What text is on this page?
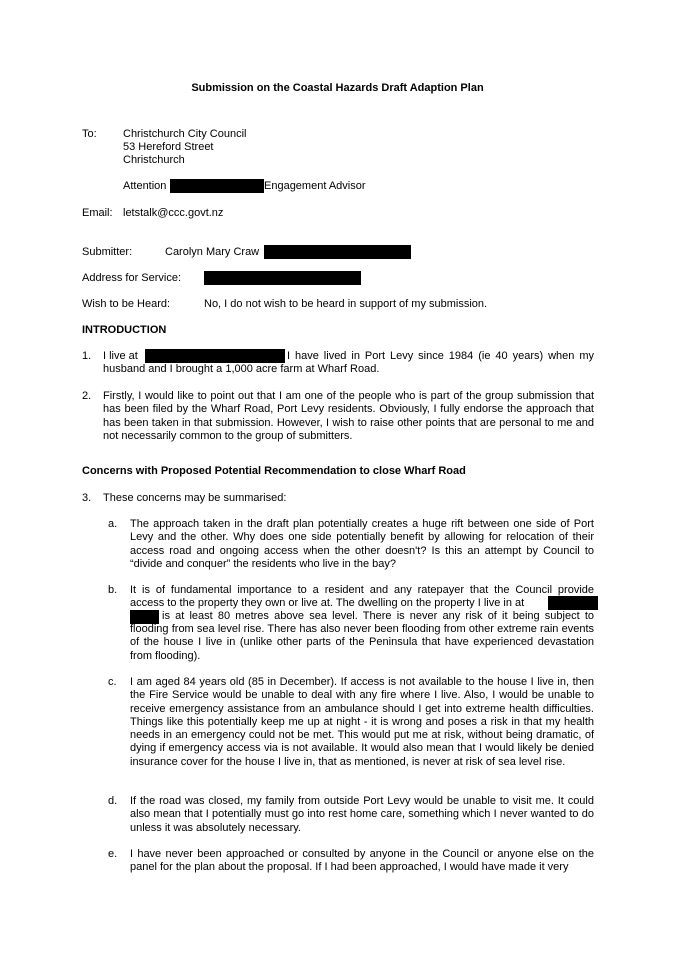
Submission on the Coastal Hazards Draft Adaption Plan
To: Christchurch City Council
53 Hereford Street
Christchurch
Attention	Engagement Advisor
Email: letstalk@ccc.govt.nz
Submitter:	Carolyn Mary Craw
Address for Service:
Wish to be Heard:	No, I do not wish to be heard in support of my submission.
INTRODUCTION
1. I live at	I have lived in Port Levy since 1984 (ie 40 years) when my
husband and I brought a 1,000 acre farm at Wharf Road.
2. Firstly, I would like to point out that I am one of the people who is part of the group submission that has been filed by the Wharf Road, Port Levy residents. Obviously, I fully endorse the approach that has been taken in that submission. However, I wish to raise other points that are personal to me and not necessarily common to the group of submitters.
Concerns with Proposed Potential Recommendation to close Wharf Road
3. These concerns may be summarised:
a. The approach taken in the draft plan potentially creates a huge rift between one side of Port Levy and the other. Why does one side potentially benefit by allowing for relocation of their access road and ongoing access when the other doesn't? Is this an attempt by Council to “divide and conquer” the residents who live in the bay?
b. It is of fundamental importance to a resident and any ratepayer that the Council provide
access to the property they own or live at. The dwelling on the property I live in at
is at least 80 metres above sea level. There is never any risk of it being subject to
flooding from sea level rise. There has also never been flooding from other extreme rain events of the house I live in (unlike other parts of the Peninsula that have experienced devastation from flooding).
c. I am aged 84 years old (85 in December). If access is not available to the house I live in, then the Fire Service would be unable to deal with any fire where I live. Also, I would be unable to receive emergency assistance from an ambulance should I get into extreme health difficulties. Things like this potentially keep me up at night - it is wrong and poses a risk in that my health needs in an emergency could not be met. This would put me at risk, without being dramatic, of dying if emergency access via is not available. It would also mean that I would likely be denied insurance cover for the house I live in, that as mentioned, is never at risk of sea level rise.
d. If the road was closed, my family from outside Port Levy would be unable to visit me. It could also mean that I potentially must go into rest home care, something which I never wanted to do unless it was absolutely necessary.
e. I have never been approached or consulted by anyone in the Council or anyone else on the panel for the plan about the proposal. If I had been approached, I would have made it very
